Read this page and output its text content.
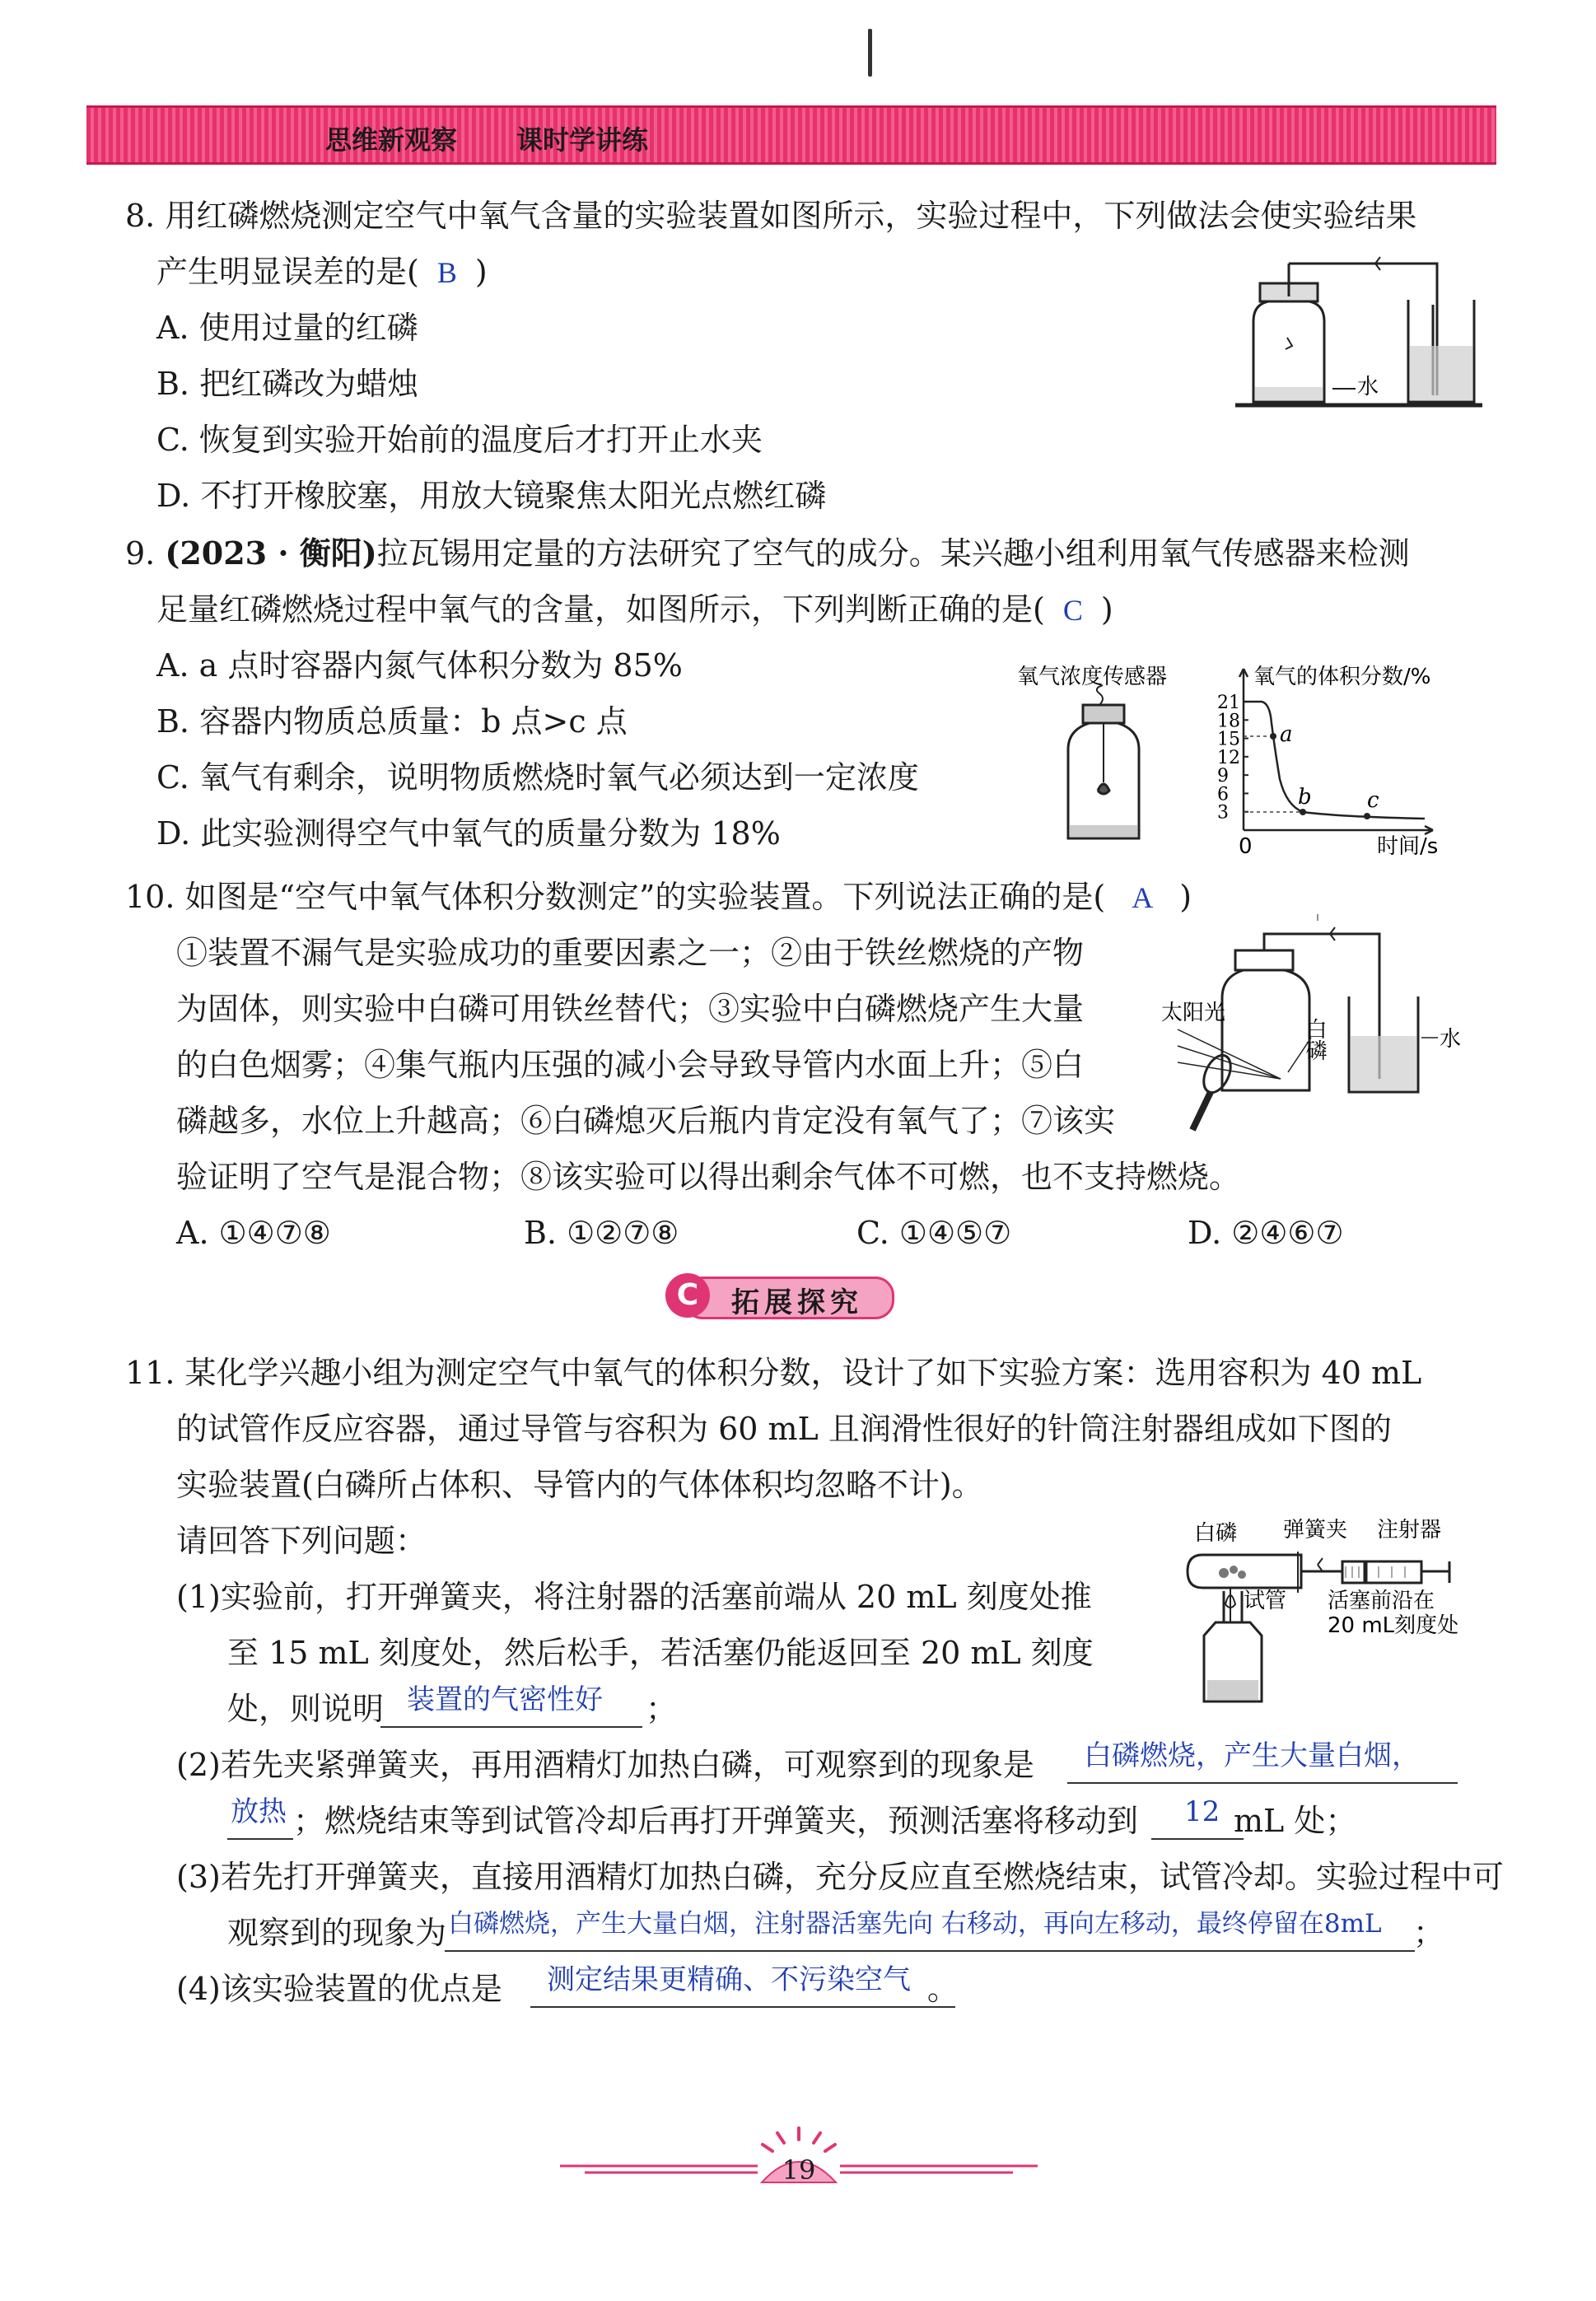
思维新观察 课时学讲练
8. 用红磷燃烧测定空气中氧气含量的实验装置如图所示，实验过程中，下列做法会使实验结果
产生明显误差的是( B )
A. 使用过量的红磷
B. 把红磷改为蜡烛
C. 恢复到实验开始前的温度后才打开止水夹
D. 不打开橡胶塞，用放大镜聚焦太阳光点燃红磷
水
9. (2023 · 衡阳)拉瓦锡用定量的方法研究了空气的成分。某兴趣小组利用氧气传感器来检测
足量红磷燃烧过程中氧气的含量，如图所示，下列判断正确的是( C )
A. a 点时容器内氮气体积分数为 85%
B. 容器内物质总质量：b 点>c 点
C. 氧气有剩余，说明物质燃烧时氧气必须达到一定浓度
D. 此实验测得空气中氧气的质量分数为 18%
氧气浓度传感器	氧气的体积分数/%
21
18
15
12
9
6
3
a
b	c
0	时间/s
10. 如图是“空气中氧气体积分数测定”的实验装置。下列说法正确的是( A )
①装置不漏气是实验成功的重要因素之一；②由于铁丝燃烧的产物
为固体，则实验中白磷可用铁丝替代；③实验中白磷燃烧产生大量
的白色烟雾；④集气瓶内压强的减小会导致导管内水面上升；⑤白
磷越多，水位上升越高；⑥白磷熄灭后瓶内肯定没有氧气了；⑦该实
验证明了空气是混合物；⑧该实验可以得出剩余气体不可燃，也不支持燃烧。
A. ①④⑦⑧	B. ①②⑦⑧	C. ①④⑤⑦	D. ②④⑥⑦
太阳光
白磷	水
C	拓展探究
11. 某化学兴趣小组为测定空气中氧气的体积分数，设计了如下实验方案：选用容积为 40 mL
的试管作反应容器，通过导管与容积为 60 mL 且润滑性很好的针筒注射器组成如下图的
实验装置(白磷所占体积、导管内的气体体积均忽略不计)。
请回答下列问题：
(1)实验前，打开弹簧夹，将注射器的活塞前端从 20 mL 刻度处推
至 15 mL 刻度处，然后松手，若活塞仍能返回至 20 mL 刻度
处，则说明	；
装置的气密性好
白磷 弹簧夹 注射器
试管 活塞前沿在
20 mL刻度处
(2)若先夹紧弹簧夹，再用酒精灯加热白磷，可观察到的现象是 白磷燃烧，产生大量白烟，
；燃烧结束等到试管冷却后再打开弹簧夹，预测活塞将移动到	mL 处；
放热	12
(3)若先打开弹簧夹，直接用酒精灯加热白磷，充分反应直至燃烧结束，试管冷却。实验过程中可
观察到的现象为 白磷燃烧，产生大量白烟，注射器活塞先向 右移动，再向左移动，最终停留在8mL ；
(4)该实验装置的优点是	。
测定结果更精确、不污染空气
19
